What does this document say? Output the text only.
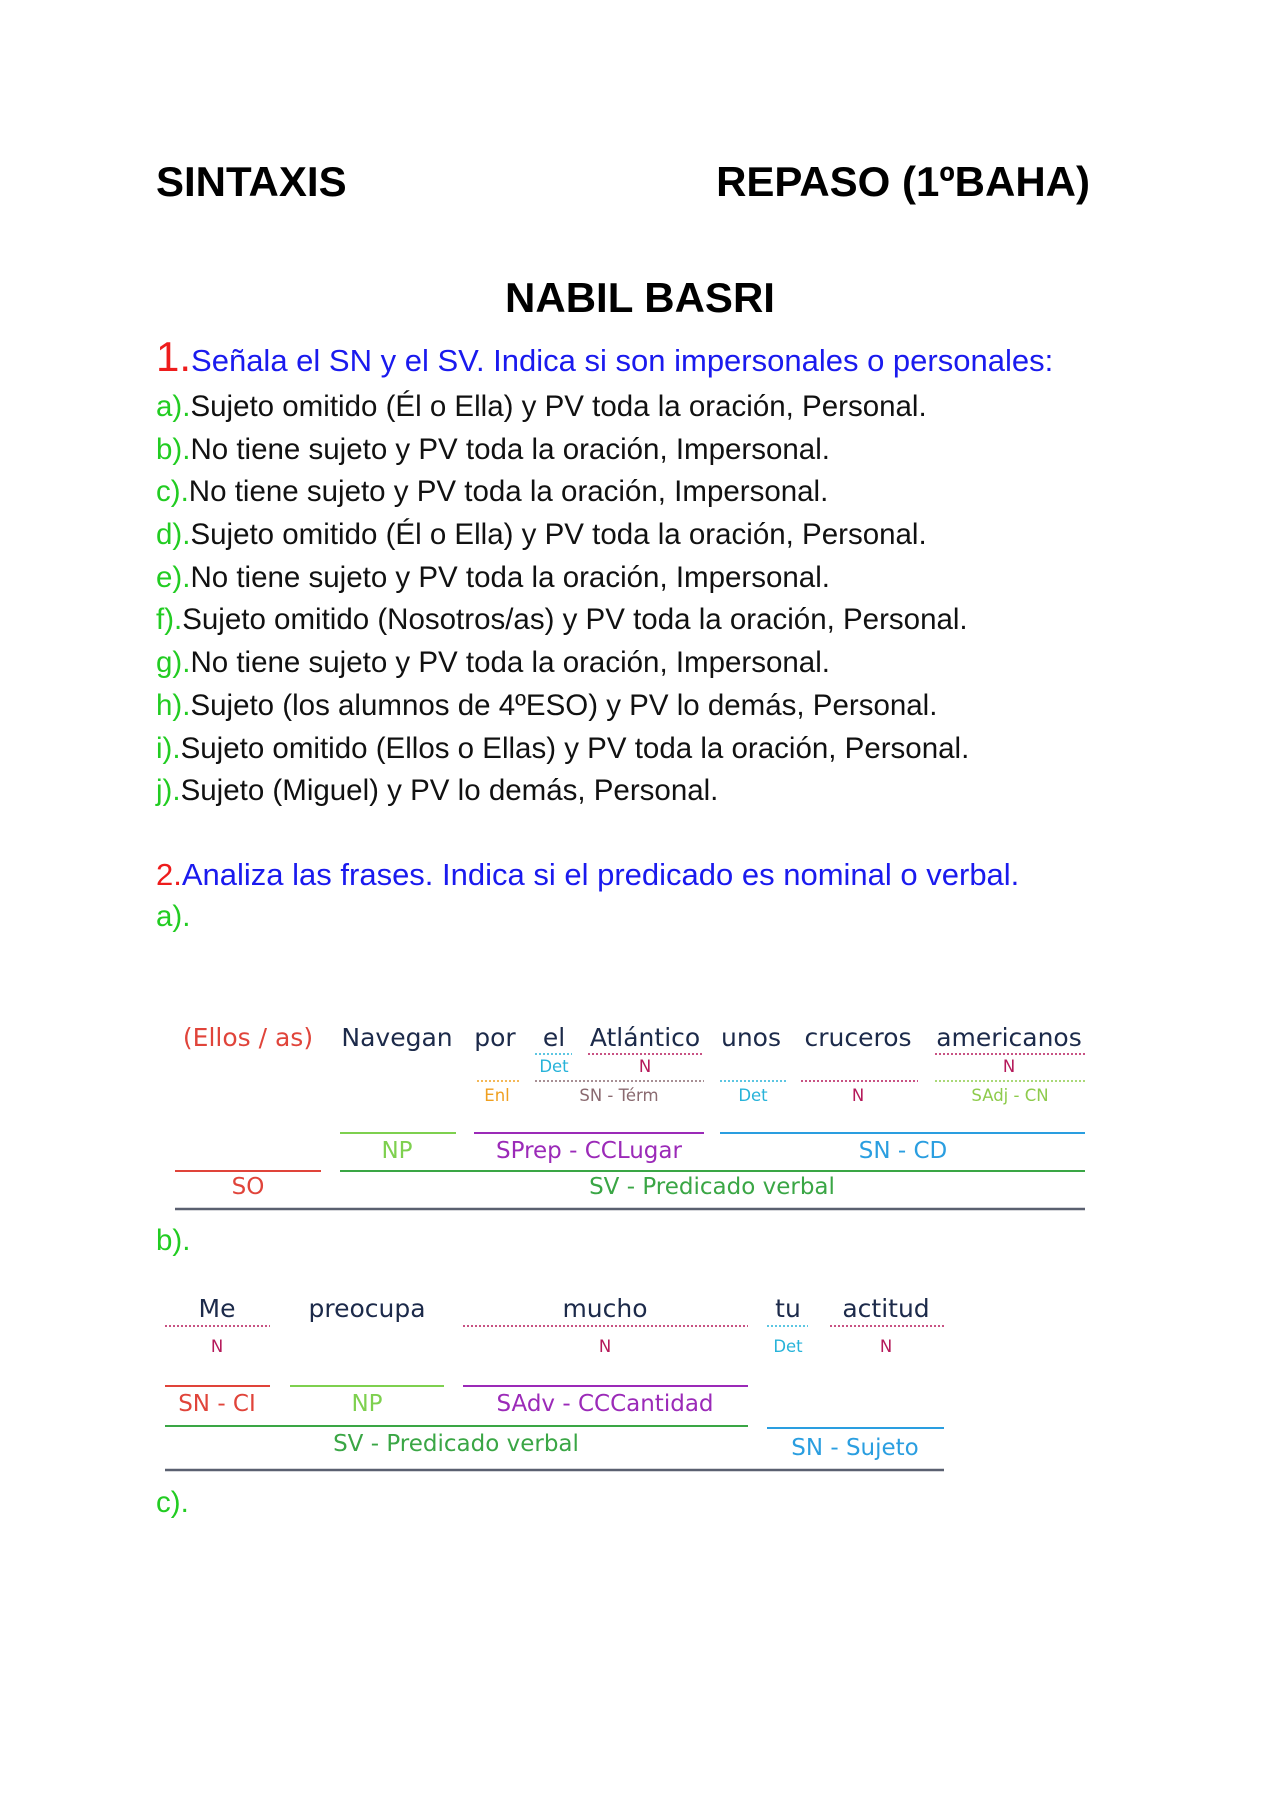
SINTAXIS	REPASO (1ºBAHA)
NABIL BASRI
1.Señala el SN y el SV. Indica si son impersonales o personales:
a).Sujeto omitido (Él o Ella) y PV toda la oración, Personal.
b).No tiene sujeto y PV toda la oración, Impersonal.
c).No tiene sujeto y PV toda la oración, Impersonal.
d).Sujeto omitido (Él o Ella) y PV toda la oración, Personal.
e).No tiene sujeto y PV toda la oración, Impersonal.
f).Sujeto omitido (Nosotros/as) y PV toda la oración, Personal.
g).No tiene sujeto y PV toda la oración, Impersonal.
h).Sujeto (los alumnos de 4ºESO) y PV lo demás, Personal.
i).Sujeto omitido (Ellos o Ellas) y PV toda la oración, Personal.
j).Sujeto (Miguel) y PV lo demás, Personal.
2.Analiza las frases. Indica si el predicado es nominal o verbal.
a).
b).
c).
(Ellos / as) Navegan por el Atlántico unos cruceros americanos
Det	N	N
Enl	SN - Térm	Det	N	SAdj - CN
NP	SPrep - CCLugar	SN - CD
SO	SV - Predicado verbal
Me	preocupa	mucho	tu actitud
N	N	Det	N
SN - CI	NP	SAdv - CCCantidad
SV - Predicado verbal	SN - Sujeto
